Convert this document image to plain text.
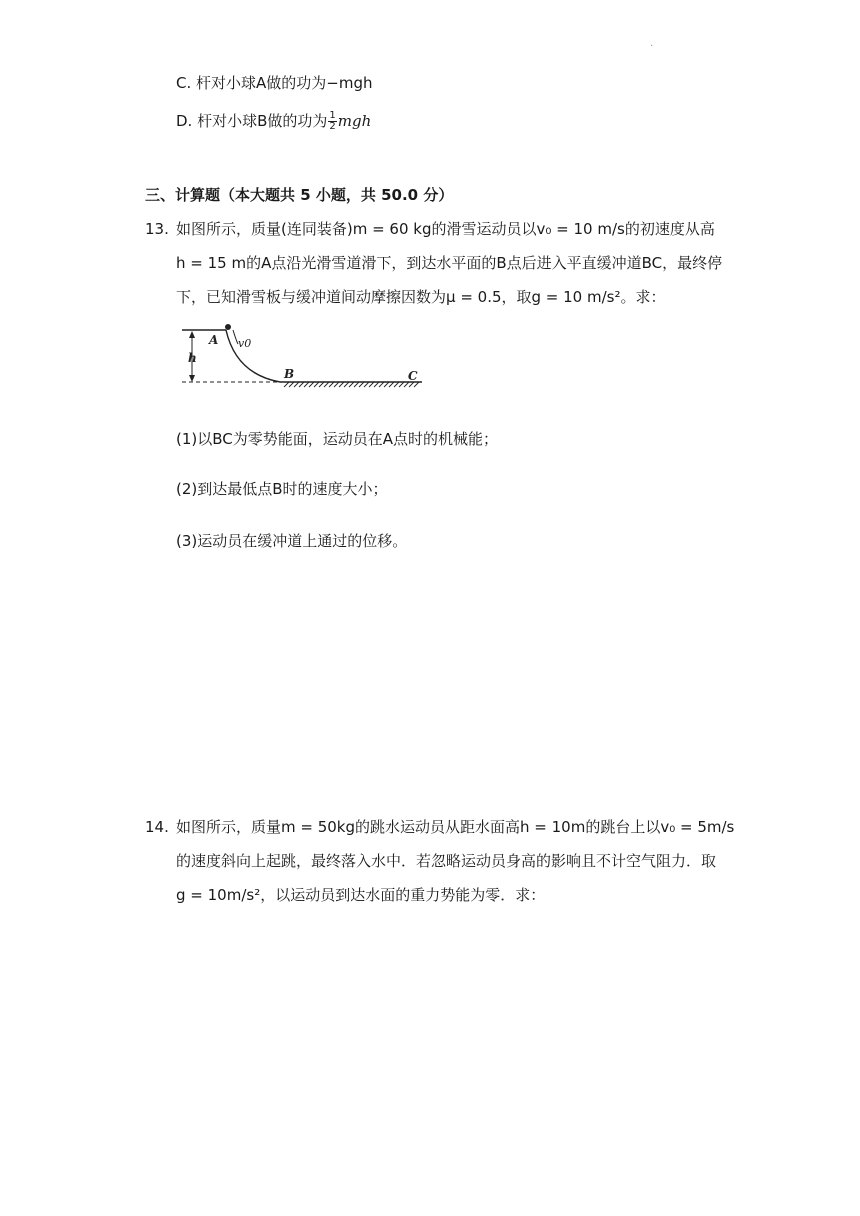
.
C. 杆对小球A做的功为−mgh
D. 杆对小球B做的功为 $\frac{1}{2}$ mgh
三、计算题（本大题共 5 小题，共 50.0 分）
13. 如图所示，质量(连同装备)m = 60 kg的滑雪运动员以v₀ = 10 m/s的初速度从高
h = 15 m的A点沿光滑雪道滑下，到达水平面的B点后进入平直缓冲道BC，最终停
下，已知滑雪板与缓冲道间动摩擦因数为μ = 0.5，取g = 10 m/s²。求：
A v0
h
B	C
(1)以BC为零势能面，运动员在A点时的机械能；
(2)到达最低点B时的速度大小；
(3)运动员在缓冲道上通过的位移。
14. 如图所示，质量m = 50kg的跳水运动员从距水面高h = 10m的跳台上以v₀ = 5m/s
的速度斜向上起跳，最终落入水中．若忽略运动员身高的影响且不计空气阻力．取
g = 10m/s²，以运动员到达水面的重力势能为零．求：
